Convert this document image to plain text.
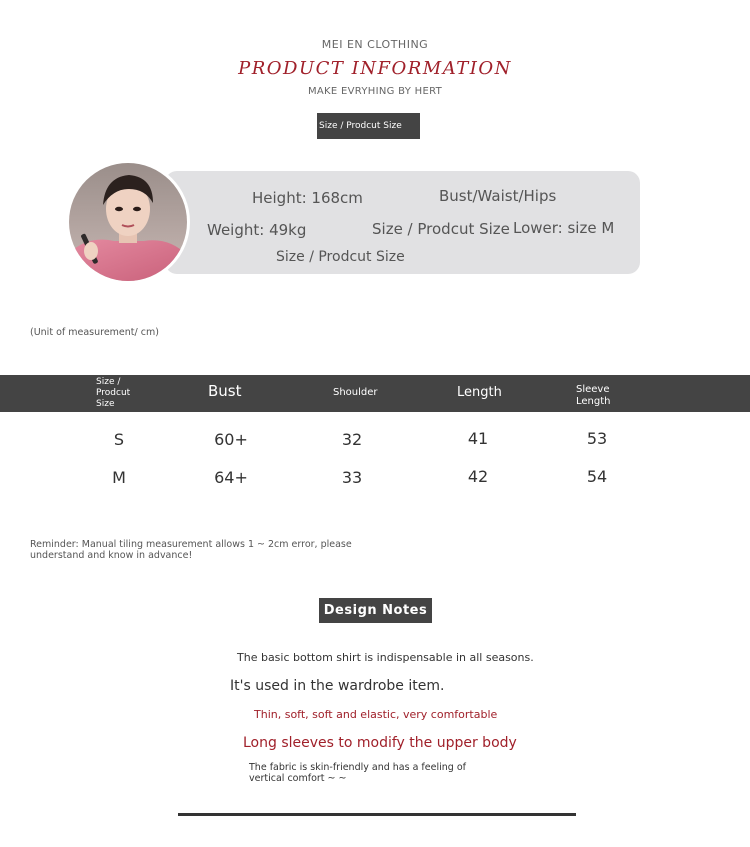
MEI EN CLOTHING
PRODUCT INFORMATION
MAKE EVRYHING BY HERT
Size / Prodcut Size
Height: 168cm	Bust/Waist/Hips
Weight: 49kg	Size / Prodcut Size Lower: size M
Size / Prodcut Size
(Unit of measurement/ cm)
Size / Prodcut Size
Bust	Shoulder	Length	Sleeve Length
S	60+	32	41	53
M	64+	33	42	54
Reminder: Manual tiling measurement allows 1 ~ 2cm error, please understand and know in advance!
Design Notes
The basic bottom shirt is indispensable in all seasons.
It's used in the wardrobe item.
Thin, soft, soft and elastic, very comfortable
Long sleeves to modify the upper body
The fabric is skin-friendly and has a feeling of vertical comfort ~ ~
